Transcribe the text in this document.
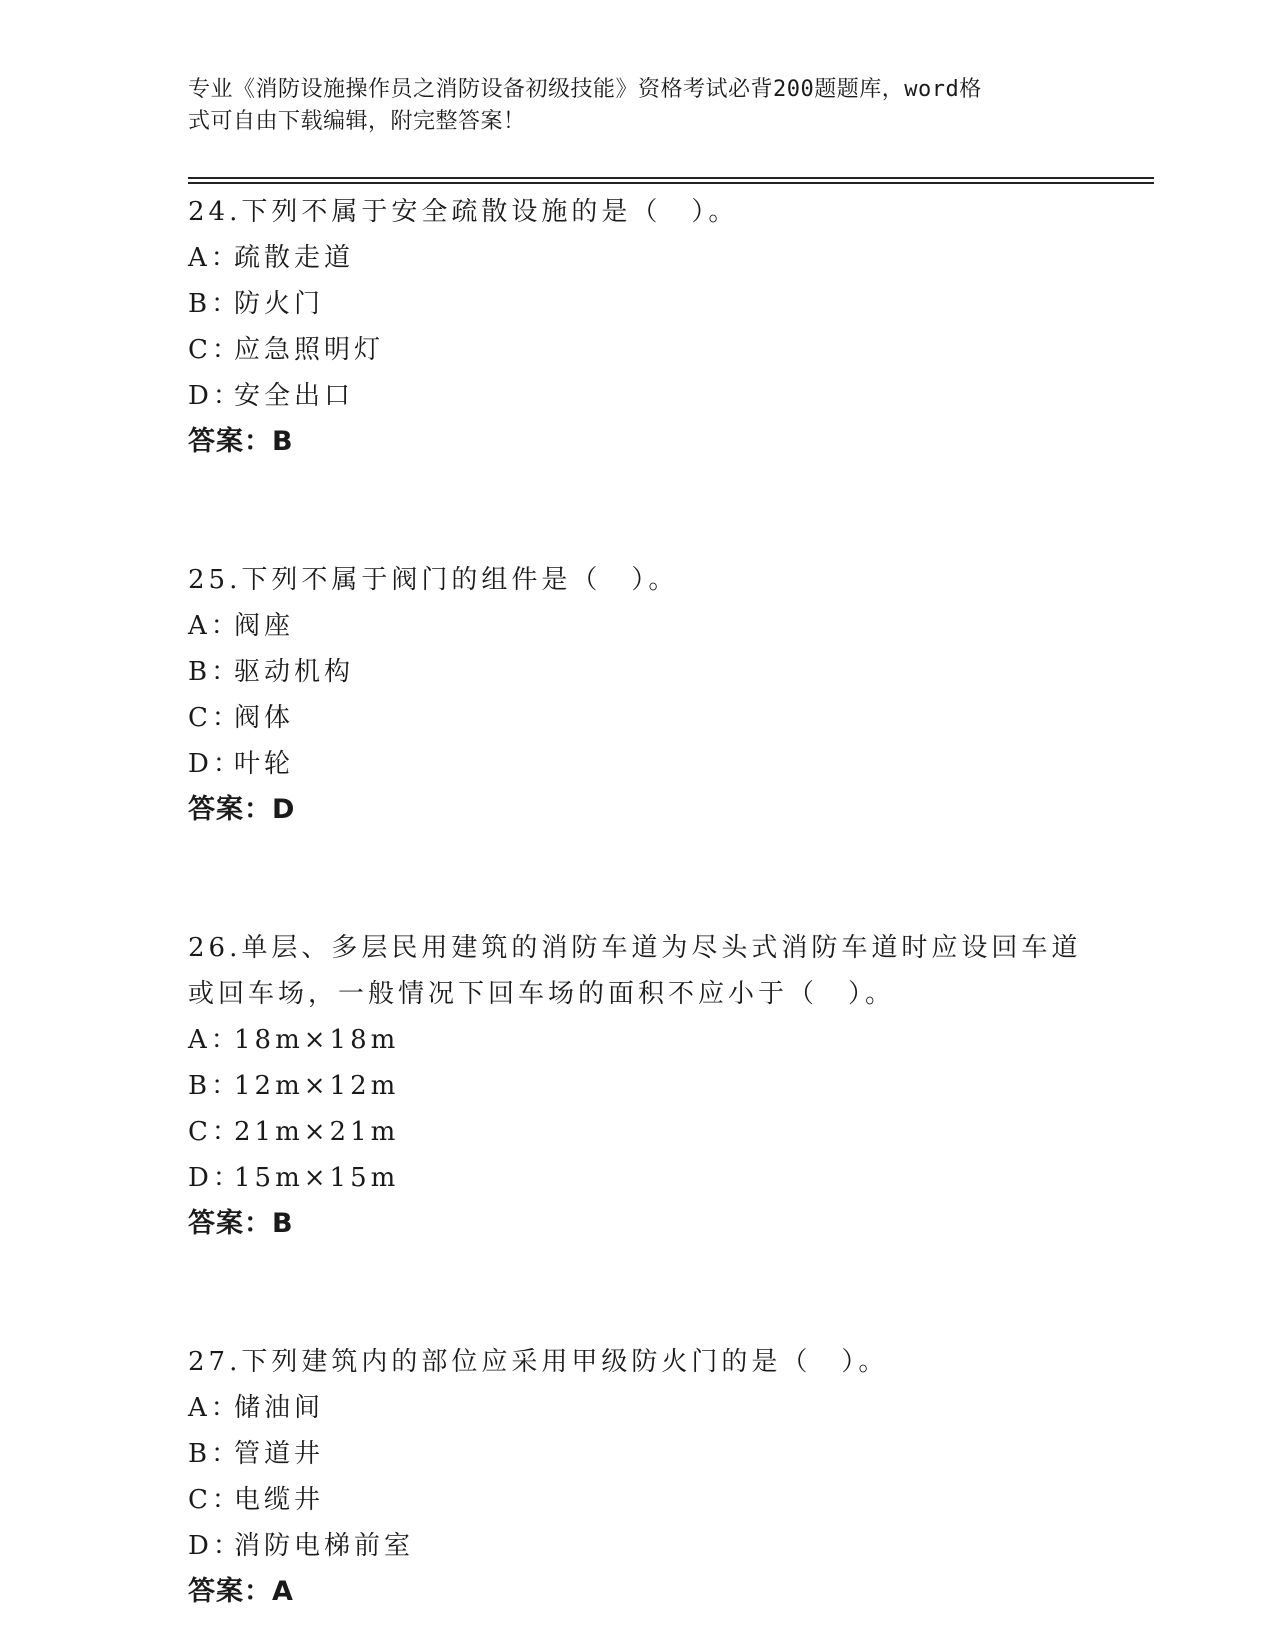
专业《消防设施操作员之消防设备初级技能》资格考试必背200题题库，word格
式可自由下载编辑，附完整答案！
24.下列不属于安全疏散设施的是（　）。
A：疏散走道
B：防火门
C：应急照明灯
D：安全出口
答案：B
25.下列不属于阀门的组件是（　）。
A：阀座
B：驱动机构
C：阀体
D：叶轮
答案：D
26.单层、多层民用建筑的消防车道为尽头式消防车道时应设回车道或回车场，一般情况下回车场的面积不应小于（　）。
A：18m×18m
B：12m×12m
C：21m×21m
D：15m×15m
答案：B
27.下列建筑内的部位应采用甲级防火门的是（　）。
A：储油间
B：管道井
C：电缆井
D：消防电梯前室
答案：A
